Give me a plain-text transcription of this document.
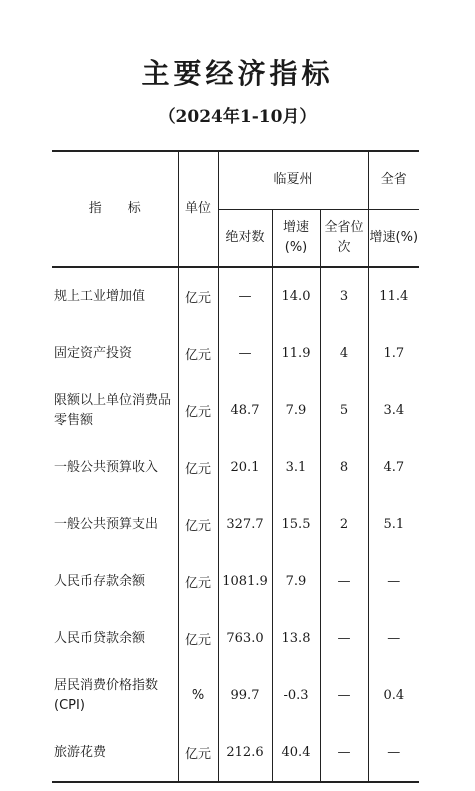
主要经济指标
（2024年1-10月）
指　　标	单位	临夏州			全省
		绝对数	增速(%)	全省位次	增速(%)
规上工业增加值	亿元	—	14.0	3	11.4
固定资产投资	亿元	—	11.9	4	1.7
限额以上单位消费品零售额	亿元	48.7	7.9	5	3.4
一般公共预算收入	亿元	20.1	3.1	8	4.7
一般公共预算支出	亿元	327.7	15.5	2	5.1
人民币存款余额	亿元	1081.9	7.9	—	—
人民币贷款余额	亿元	763.0	13.8	—	—
居民消费价格指数(CPI)	%	99.7	-0.3	—	0.4
旅游花费	亿元	212.6	40.4	—	—
